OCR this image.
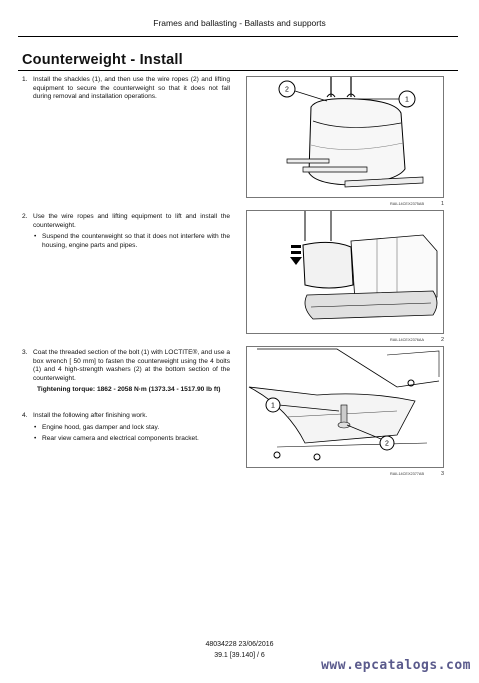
Frames and ballasting - Ballasts and supports
Counterweight - Install
1. Install the shackles (1), and then use the wire ropes (2) and lifting equipment to secure the counterweight so that it does not fall during removal and installation operations.
2. Use the wire ropes and lifting equipment to lift and install the counterweight.
• Suspend the counterweight so that it does not interfere with the housing, engine parts and pipes.
3. Coat the threaded section of the bolt (1) with LOCTITE®, and use a box wrench [ 50 mm] to fasten the counterweight using the 4 bolts (1) and 4 high-strength washers (2) at the bottom section of the counterweight.
Tightening torque: 1862 - 2058 N·m (1373.34 - 1517.90 lb ft)
4. Install the following after finishing work.
• Engine hood, gas damper and lock stay.
• Rear view camera and electrical components bracket.
2
1
RAIL14CEX2375AB	1
RAIL14CEX2376AA	2
1
2
RAIL14CEX2377AB	3
48034228 23/06/2016
39.1 [39.140] / 6
www.epcatalogs.com
